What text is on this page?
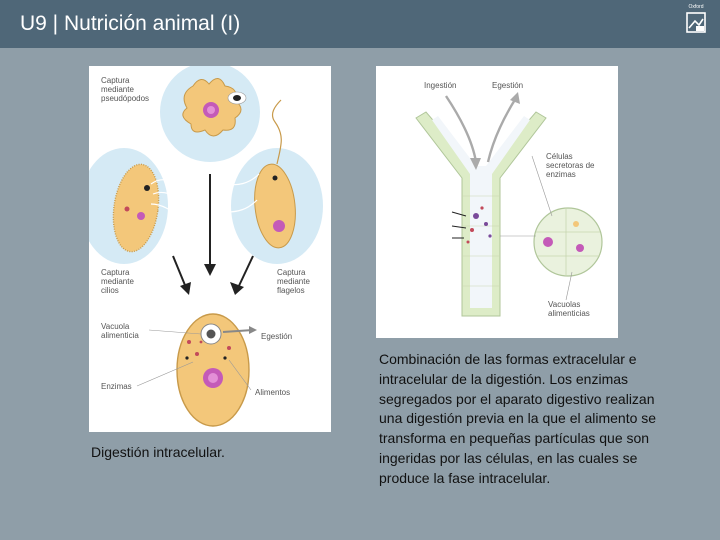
U9 | Nutrición animal (I)
Oxford
Captura
mediante
pseudópodos
Captura
mediante
cilios
Captura
mediante
flagelos
Vacuola
alimenticia	Egestión
Enzimas
Alimentos
Ingestión	Egestión
Células
secretoras de
enzimas
Vacuolas
alimenticias
Digestión intracelular.
Combinación de las formas extracelular e intracelular de la digestión. Los enzimas segregados por el aparato digestivo realizan una digestión previa en la que el alimento se transforma en pequeñas partículas que son ingeridas por las células, en las cuales se produce la fase intracelular.
